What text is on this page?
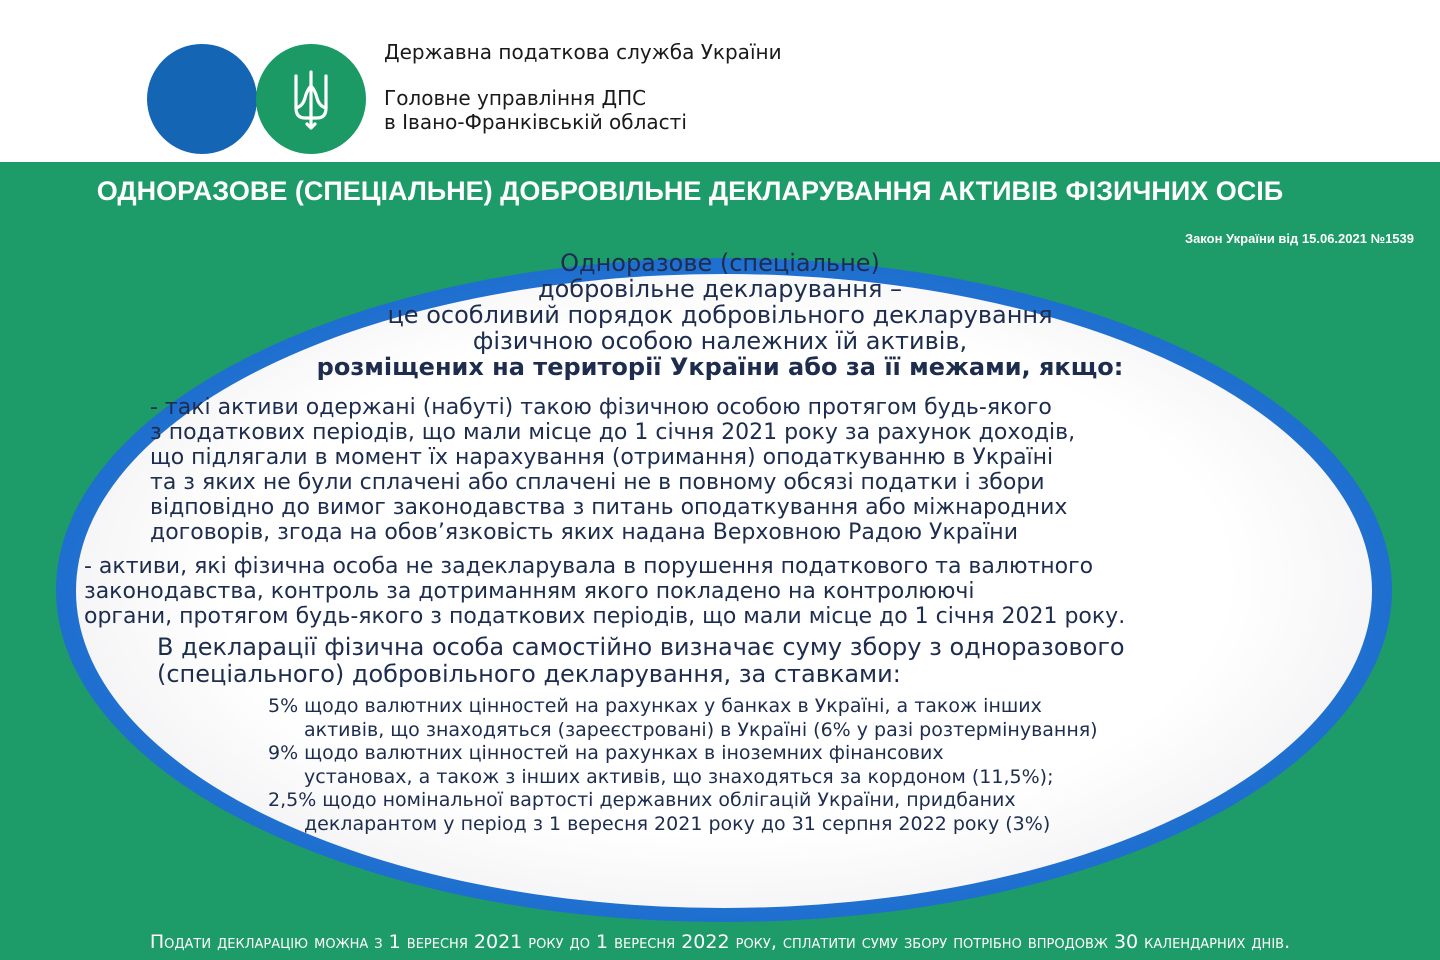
Державна податкова служба України
Головне управління ДПС
в Івано-Франківській області
ОДНОРАЗОВЕ (СПЕЦІАЛЬНЕ) ДОБРОВІЛЬНЕ ДЕКЛАРУВАННЯ АКТИВІВ ФІЗИЧНИХ ОСІБ
Закон України від 15.06.2021 №1539
Одноразове (спеціальне)
добровільне декларування –
це особливий порядок добровільного декларування
фізичною особою належних їй активів,
розміщених на території України або за її межами, якщо:
- такі активи одержані (набуті) такою фізичною особою протягом будь-якого
з податкових періодів, що мали місце до 1 січня 2021 року за рахунок доходів,
що підлягали в момент їх нарахування (отримання) оподаткуванню в Україні
та з яких не були сплачені або сплачені не в повному обсязі податки і збори
відповідно до вимог законодавства з питань оподаткування або міжнародних
договорів, згода на обов’язковість яких надана Верховною Радою України
- активи, які фізична особа не задекларувала в порушення податкового та валютного
законодавства, контроль за дотриманням якого покладено на контролюючі
органи, протягом будь-якого з податкових періодів, що мали місце до 1 січня 2021 року.
В декларації фізична особа самостійно визначає суму збору з одноразового
(спеціального) добровільного декларування, за ставками:
5% щодо валютних цінностей на рахунках у банках в Україні, а також інших
активів, що знаходяться (зареєстровані) в Україні (6% у разі розтермінування)
9% щодо валютних цінностей на рахунках в іноземних фінансових
установах, а також з інших активів, що знаходяться за кордоном (11,5%);
2,5% щодо номінальної вартості державних облігацій України, придбаних
декларантом у період з 1 вересня 2021 року до 31 серпня 2022 року (3%)
Подати декларацію можна з 1 вересня 2021 року до 1 вересня 2022 року, сплатити суму збору потрібно впродовж 30 календарних днів.
